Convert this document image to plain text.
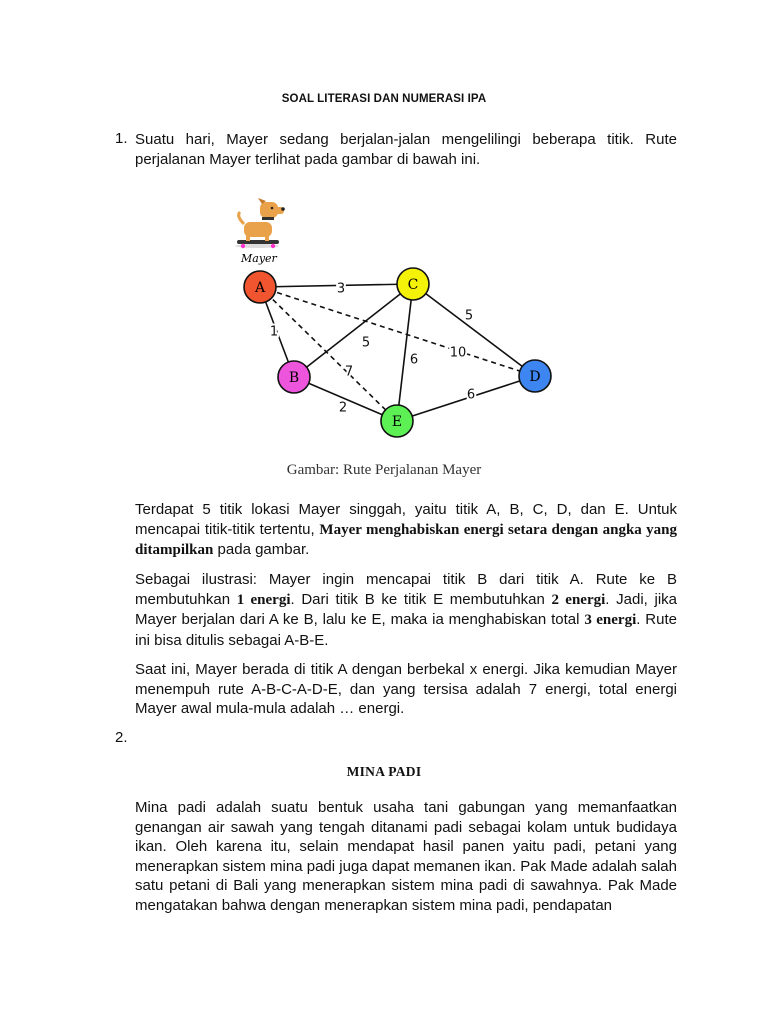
SOAL LITERASI DAN NUMERASI IPA
1. Suatu hari, Mayer sedang berjalan-jalan mengelilingi beberapa titik. Rute perjalanan Mayer terlihat pada gambar di bawah ini.
Mayer
3
1
2
5
6
5
6
7
10
A
B
C
D
E
Gambar: Rute Perjalanan Mayer
Terdapat 5 titik lokasi Mayer singgah, yaitu titik A, B, C, D, dan E. Untuk mencapai titik-titik tertentu, Mayer menghabiskan energi setara dengan angka yang ditampilkan pada gambar.
Sebagai ilustrasi: Mayer ingin mencapai titik B dari titik A. Rute ke B membutuhkan 1 energi. Dari titik B ke titik E membutuhkan 2 energi. Jadi, jika Mayer berjalan dari A ke B, lalu ke E, maka ia menghabiskan total 3 energi. Rute ini bisa ditulis sebagai A-B-E.
Saat ini, Mayer berada di titik A dengan berbekal x energi. Jika kemudian Mayer menempuh rute A-B-C-A-D-E, dan yang tersisa adalah 7 energi, total energi Mayer awal mula-mula adalah … energi.
2.
MINA PADI
Mina padi adalah suatu bentuk usaha tani gabungan yang memanfaatkan genangan air sawah yang tengah ditanami padi sebagai kolam untuk budidaya ikan. Oleh karena itu, selain mendapat hasil panen yaitu padi, petani yang menerapkan sistem mina padi juga dapat memanen ikan. Pak Made adalah salah satu petani di Bali yang menerapkan sistem mina padi di sawahnya. Pak Made mengatakan bahwa dengan menerapkan sistem mina padi, pendapatan
